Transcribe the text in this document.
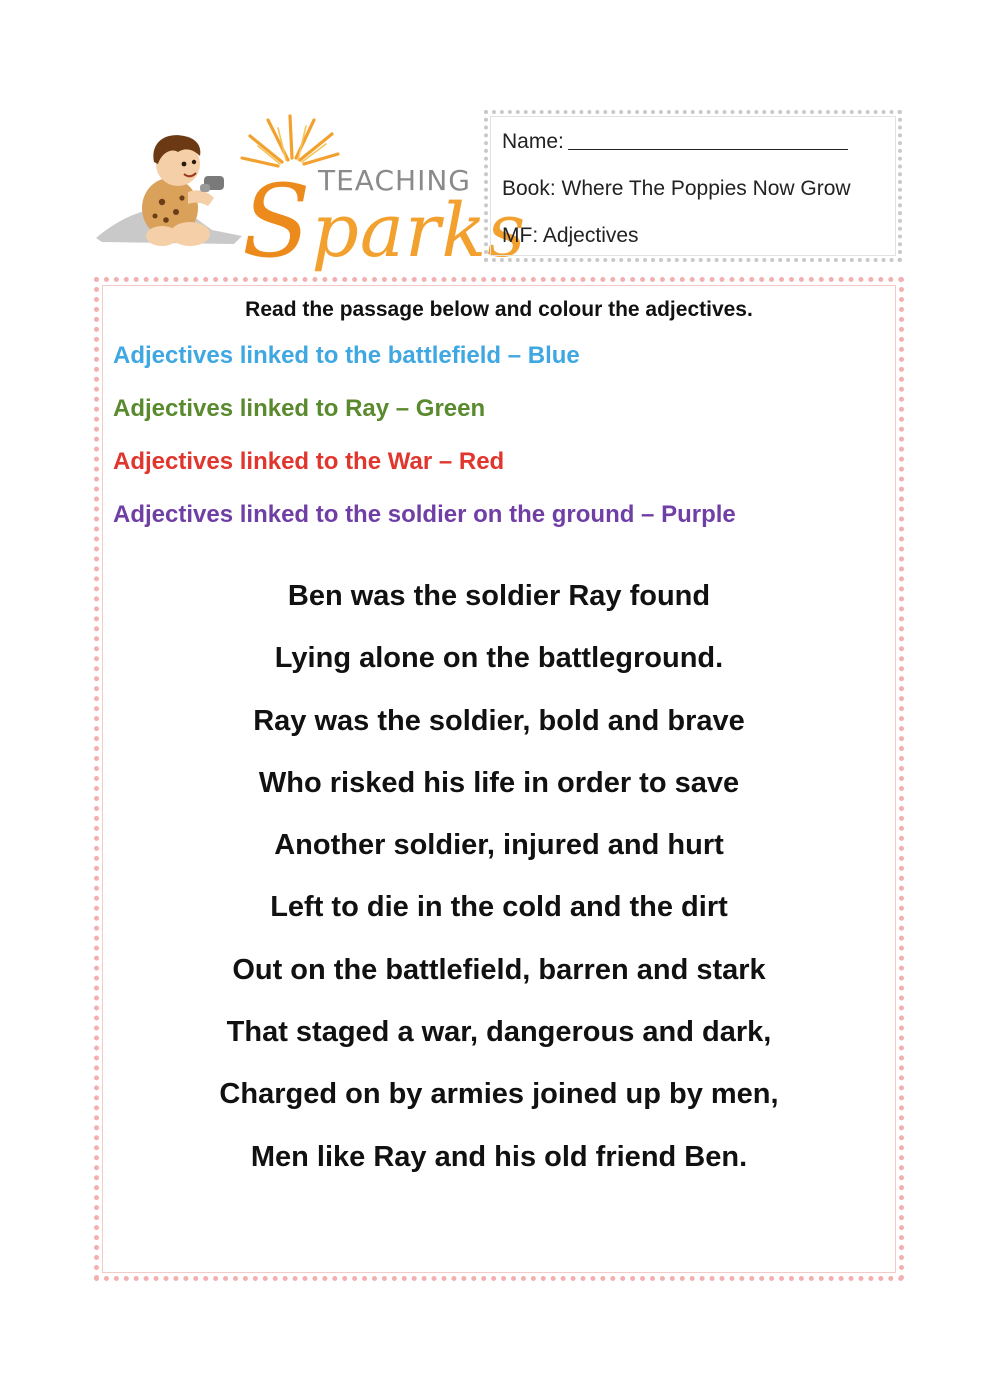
TEACHING
Sparks

Name:

Book: Where The Poppies Now Grow

MF: Adjectives

Read the passage below and colour the adjectives.

Adjectives linked to the battlefield – Blue

Adjectives linked to Ray – Green

Adjectives linked to the War – Red

Adjectives linked to the soldier on the ground – Purple

Ben was the soldier Ray found

Lying alone on the battleground.

Ray was the soldier, bold and brave

Who risked his life in order to save

Another soldier, injured and hurt

Left to die in the cold and the dirt

Out on the battlefield, barren and stark

That staged a war, dangerous and dark,

Charged on by armies joined up by men,

Men like Ray and his old friend Ben.
